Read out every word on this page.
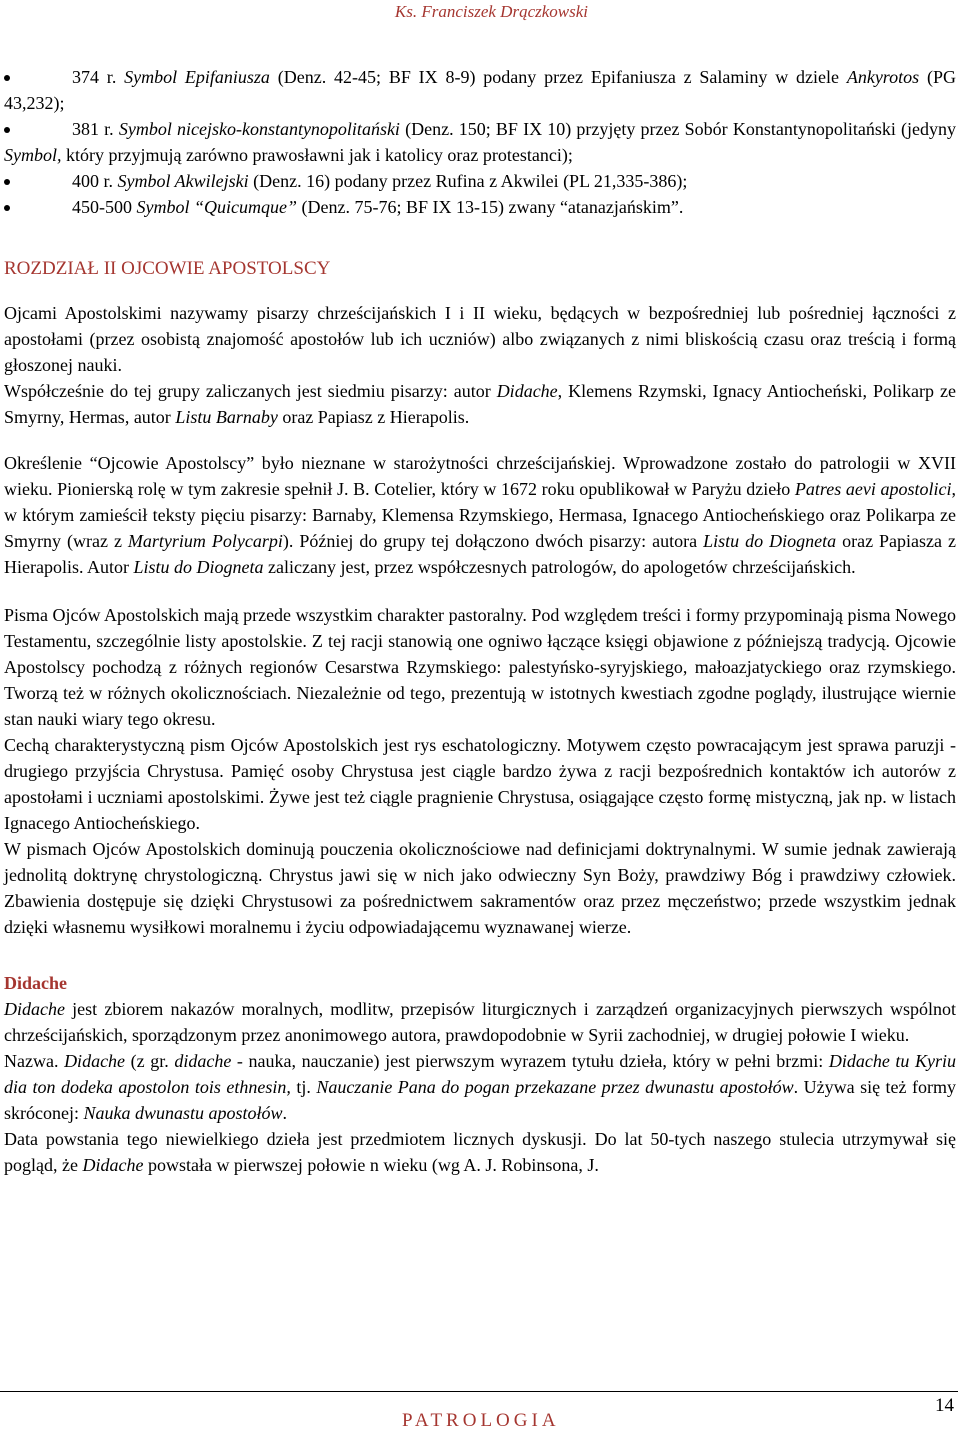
Ks. Franciszek Drączkowski
374 r. Symbol Epifaniusza (Denz. 42-45; BF IX 8-9) podany przez Epifaniusza z Salaminy w dziele Ankyrotos (PG 43,232);
381 r. Symbol nicejsko-konstantynopolitański (Denz. 150; BF IX 10) przyjęty przez Sobór Konstantynopolitański (jedyny Symbol, który przyjmują zarówno prawosławni jak i katolicy oraz protestanci);
400 r. Symbol Akwilejski (Denz. 16) podany przez Rufina z Akwilei (PL 21,335-386);
450-500 Symbol “Quicumque” (Denz. 75-76; BF IX 13-15) zwany “atanazjańskim”.
ROZDZIAŁ II OJCOWIE APOSTOLSCY

Ojcami Apostolskimi nazywamy pisarzy chrześcijańskich I i II wieku, będących w bezpośredniej lub pośredniej łączności z apostołami (przez osobistą znajomość apostołów lub ich uczniów) albo związanych z nimi bliskością czasu oraz treścią i formą głoszonej nauki.

Współcześnie do tej grupy zaliczanych jest siedmiu pisarzy: autor Didache, Klemens Rzymski, Ignacy Antiocheński, Polikarp ze Smyrny, Hermas, autor Listu Barnaby oraz Papiasz z Hierapolis.

Określenie “Ojcowie Apostolscy” było nieznane w starożytności chrześcijańskiej. Wprowadzone zostało do patrologii w XVII wieku. Pionierską rolę w tym zakresie spełnił J. B. Cotelier, który w 1672 roku opublikował w Paryżu dzieło Patres aevi apostolici, w którym zamieścił teksty pięciu pisarzy: Barnaby, Klemensa Rzymskiego, Hermasa, Ignacego Antiocheńskiego oraz Polikarpa ze Smyrny (wraz z Martyrium Polycarpi). Później do grupy tej dołączono dwóch pisarzy: autora Listu do Diogneta oraz Papiasza z Hierapolis. Autor Listu do Diogneta zaliczany jest, przez współczesnych patrologów, do apologetów chrześcijańskich.

Pisma Ojców Apostolskich mają przede wszystkim charakter pastoralny. Pod względem treści i formy przypominają pisma Nowego Testamentu, szczególnie listy apostolskie. Z tej racji stanowią one ogniwo łączące księgi objawione z późniejszą tradycją. Ojcowie Apostolscy pochodzą z różnych regionów Cesarstwa Rzymskiego: palestyńsko-syryjskiego, małoazjatyckiego oraz rzymskiego. Tworzą też w różnych okolicznościach. Niezależnie od tego, prezentują w istotnych kwestiach zgodne poglądy, ilustrujące wiernie stan nauki wiary tego okresu.

Cechą charakterystyczną pism Ojców Apostolskich jest rys eschatologiczny. Motywem często powracającym jest sprawa paruzji - drugiego przyjścia Chrystusa. Pamięć osoby Chrystusa jest ciągle bardzo żywa z racji bezpośrednich kontaktów ich autorów z apostołami i uczniami apostolskimi. Żywe jest też ciągle pragnienie Chrystusa, osiągające często formę mistyczną, jak np. w listach Ignacego Antiocheńskiego.

W pismach Ojców Apostolskich dominują pouczenia okolicznościowe nad definicjami doktrynalnymi. W sumie jednak zawierają jednolitą doktrynę chrystologiczną. Chrystus jawi się w nich jako odwieczny Syn Boży, prawdziwy Bóg i prawdziwy człowiek. Zbawienia dostępuje się dzięki Chrystusowi za pośrednictwem sakramentów oraz przez męczeństwo; przede wszystkim jednak dzięki własnemu wysiłkowi moralnemu i życiu odpowiadającemu wyznawanej wierze.

Didache

Didache jest zbiorem nakazów moralnych, modlitw, przepisów liturgicznych i zarządzeń organizacyjnych pierwszych wspólnot chrześcijańskich, sporządzonym przez anonimowego autora, prawdopodobnie w Syrii zachodniej, w drugiej połowie I wieku.

Nazwa. Didache (z gr. didache - nauka, nauczanie) jest pierwszym wyrazem tytułu dzieła, który w pełni brzmi: Didache tu Kyriu dia ton dodeka apostolon tois ethnesin, tj. Nauczanie Pana do pogan przekazane przez dwunastu apostołów. Używa się też formy skróconej: Nauka dwunastu apostołów.

Data powstania tego niewielkiego dzieła jest przedmiotem licznych dyskusji. Do lat 50-tych naszego stulecia utrzymywał się pogląd, że Didache powstała w pierwszej połowie n wieku (wg A. J. Robinsona, J.

PATROLOGIA
14
